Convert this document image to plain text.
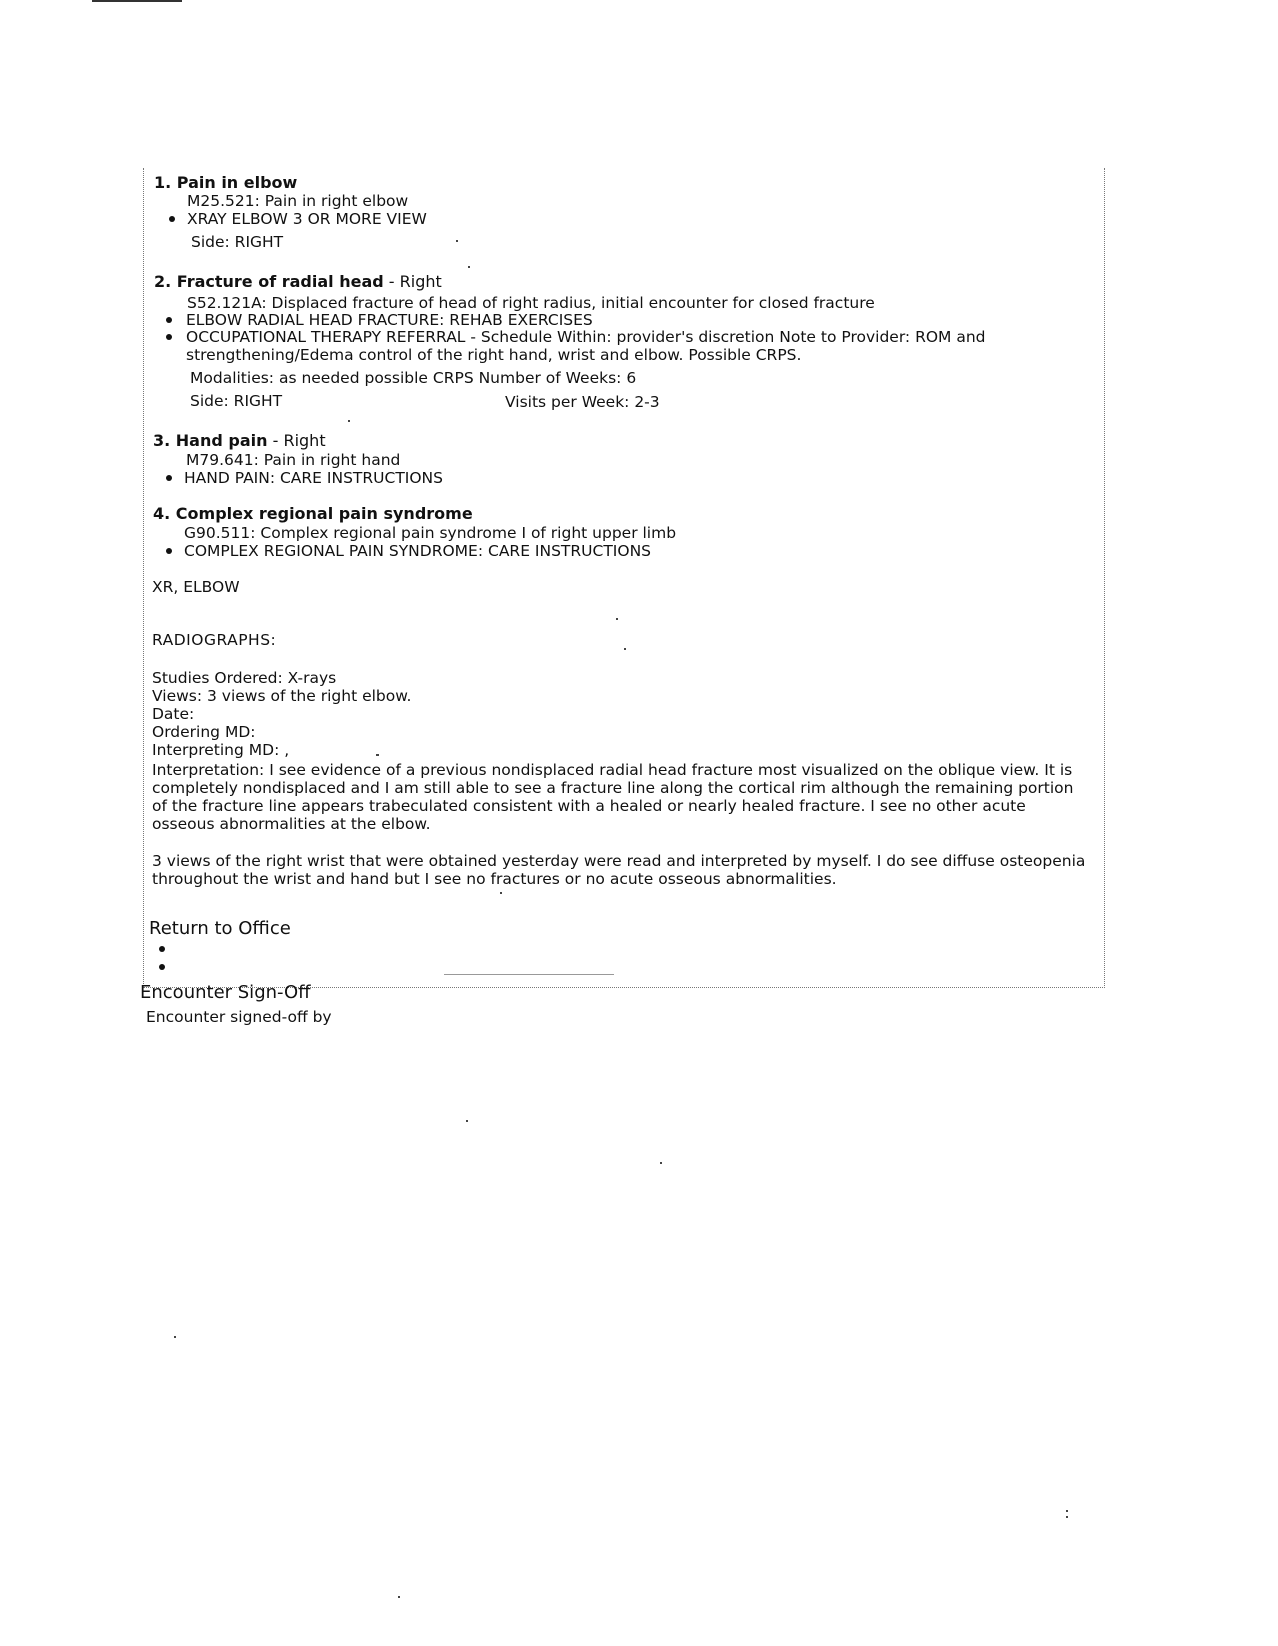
1. Pain in elbow
M25.521: Pain in right elbow
XRAY ELBOW 3 OR MORE VIEW
Side: RIGHT
2. Fracture of radial head - Right
S52.121A: Displaced fracture of head of right radius, initial encounter for closed fracture
ELBOW RADIAL HEAD FRACTURE: REHAB EXERCISES
OCCUPATIONAL THERAPY REFERRAL - Schedule Within: provider's discretion Note to Provider: ROM and
strengthening/Edema control of the right hand, wrist and elbow. Possible CRPS.
Modalities: as needed possible CRPS Number of Weeks: 6
Side: RIGHT	Visits per Week: 2-3
3. Hand pain - Right
M79.641: Pain in right hand
HAND PAIN: CARE INSTRUCTIONS
4. Complex regional pain syndrome
G90.511: Complex regional pain syndrome I of right upper limb
COMPLEX REGIONAL PAIN SYNDROME: CARE INSTRUCTIONS
XR, ELBOW
RADIOGRAPHS:
Studies Ordered: X-rays
Views: 3 views of the right elbow.
Date:
Ordering MD:
Interpreting MD: ,
Interpretation: I see evidence of a previous nondisplaced radial head fracture most visualized on the oblique view. It is completely nondisplaced and I am still able to see a fracture line along the cortical rim although the remaining portion of the fracture line appears trabeculated consistent with a healed or nearly healed fracture. I see no other acute osseous abnormalities at the elbow.
3 views of the right wrist that were obtained yesterday were read and interpreted by myself. I do see diffuse osteopenia throughout the wrist and hand but I see no fractures or no acute osseous abnormalities.
Return to Office
Encounter Sign-Off
Encounter signed-off by
